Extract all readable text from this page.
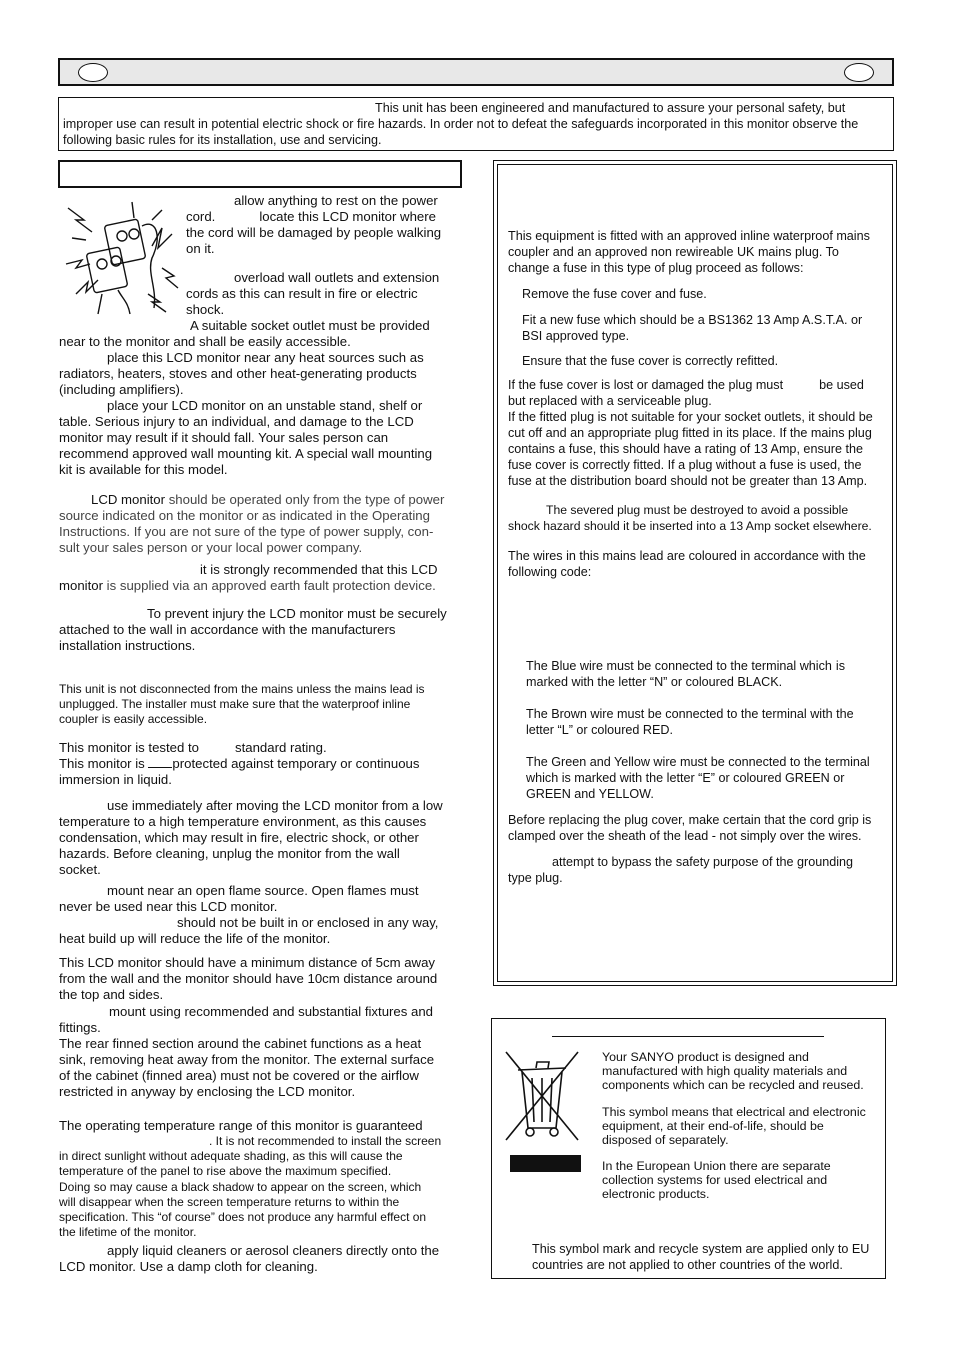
This unit has been engineered and manufactured to assure your personal safety, but

improper use can result in potential electric shock or fire hazards. In order not to defeat the safeguards incorporated in this monitor observe the

following basic rules for its installation, use and servicing.

allow anything to rest on the power

cord.	locate this LCD monitor where

the cord will be damaged by people walking

on it.

overload wall outlets and extension

cords as this can result in fire or electric

shock.

A suitable socket outlet must be provided

near to the monitor and shall be easily accessible.

place this LCD monitor near any heat sources such as

radiators, heaters, stoves and other heat-generating products

(including amplifiers).

place your LCD monitor on an unstable stand, shelf or

table. Serious injury to an individual, and damage to the LCD

monitor may result if it should fall. Your sales person can

recommend approved wall mounting kit. A special wall mounting

kit is available for this model.

LCD monitor should be operated only from the type of power

source indicated on the monitor or as indicated in the Operating

Instructions. If you are not sure of the type of power supply, con-

sult your sales person or your local power company.

it is strongly recommended that this LCD

monitor is supplied via an approved earth fault protection device.

To prevent injury the LCD monitor must be securely

attached to the wall in accordance with the manufacturers

installation instructions.

This unit is not disconnected from the mains unless the mains lead is

unplugged. The installer must make sure that the waterproof inline

coupler is easily accessible.

This monitor is tested to	standard rating.

This monitor is protected against temporary or continuous

immersion in liquid.

use immediately after moving the LCD monitor from a low

temperature to a high temperature environment, as this causes

condensation, which may result in fire, electric shock, or other

hazards. Before cleaning, unplug the monitor from the wall

socket.

mount near an open flame source. Open flames must

never be used near this LCD monitor.

should not be built in or enclosed in any way,

heat build up will reduce the life of the monitor.

This LCD monitor should have a minimum distance of 5cm away

from the wall and the monitor should have 10cm distance around

the top and sides.

mount using recommended and substantial fixtures and

fittings.

The rear finned section around the cabinet functions as a heat

sink, removing heat away from the monitor. The external surface

of the cabinet (finned area) must not be covered or the airflow

restricted in anyway by enclosing the LCD monitor.

The operating temperature range of this monitor is guaranteed

. It is not recommended to install the screen

in direct sunlight without adequate shading, as this will cause the

temperature of the panel to rise above the maximum specified.

Doing so may cause a black shadow to appear on the screen, which

will disappear when the screen temperature returns to within the

specification. This “of course” does not produce any harmful effect on

the lifetime of the monitor.

apply liquid cleaners or aerosol cleaners directly onto the

LCD monitor. Use a damp cloth for cleaning.

This equipment is fitted with an approved inline waterproof mains

coupler and an approved non rewireable UK mains plug. To

change a fuse in this type of plug proceed as follows:

Remove the fuse cover and fuse.

Fit a new fuse which should be a BS1362 13 Amp A.S.T.A. or

BSI approved type.

Ensure that the fuse cover is correctly refitted.

If the fuse cover is lost or damaged the plug must	be used

but replaced with a serviceable plug.

If the fitted plug is not suitable for your socket outlets, it should be

cut off and an appropriate plug fitted in its place. If the mains plug

contains a fuse, this should have a rating of 13 Amp, ensure the

fuse cover is correctly fitted. If a plug without a fuse is used, the

fuse at the distribution board should not be greater than 13 Amp.

The severed plug must be destroyed to avoid a possible

shock hazard should it be inserted into a 13 Amp socket elsewhere.

The wires in this mains lead are coloured in accordance with the

following code:

The Blue wire must be connected to the terminal which is

marked with the letter “N” or coloured BLACK.

The Brown wire must be connected to the terminal with the

letter “L” or coloured RED.

The Green and Yellow wire must be connected to the terminal

which is marked with the letter “E” or coloured GREEN or

GREEN and YELLOW.

Before replacing the plug cover, make certain that the cord grip is

clamped over the sheath of the lead - not simply over the wires.

attempt to bypass the safety purpose of the grounding

type plug.

Your SANYO product is designed and

manufactured with high quality materials and

components which can be recycled and reused.

This symbol means that electrical and electronic

equipment, at their end-of-life, should be

disposed of separately.

In the European Union there are separate

collection systems for used electrical and

electronic products.

This symbol mark and recycle system are applied only to EU

countries are not applied to other countries of the world.
